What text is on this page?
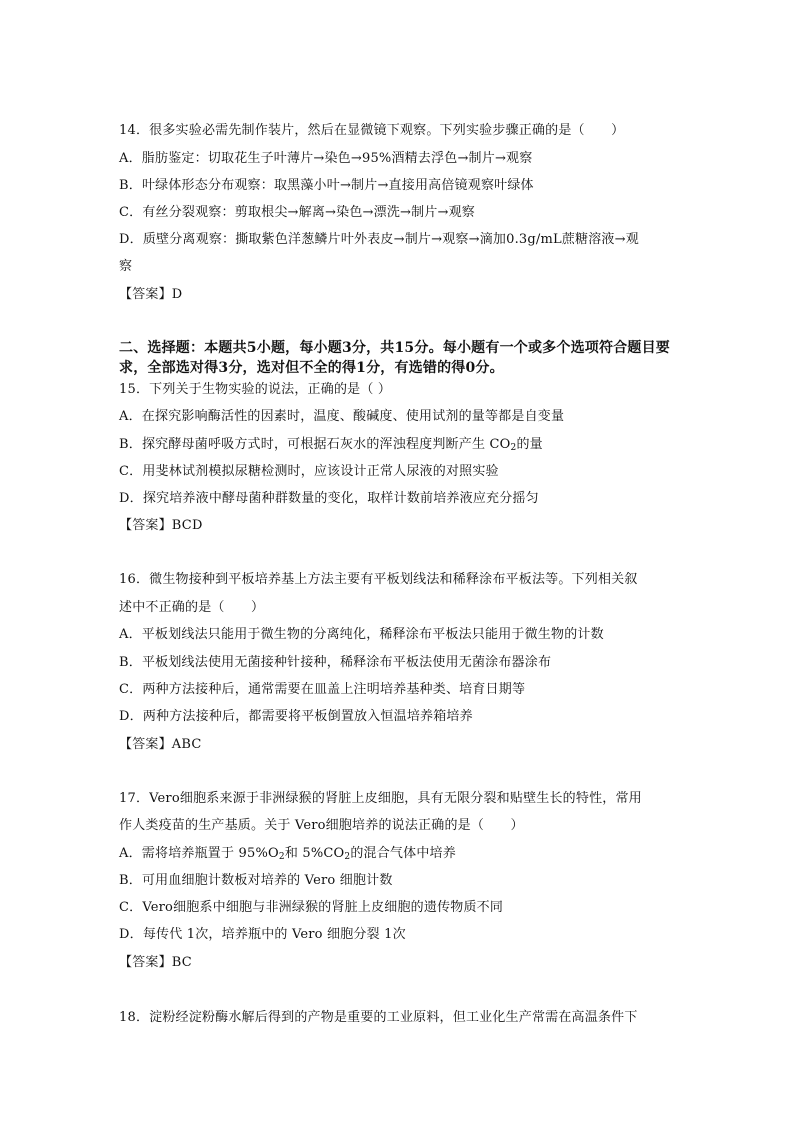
14．很多实验必需先制作装片，然后在显微镜下观察。下列实验步骤正确的是（　　）
A．脂肪鉴定：切取花生子叶薄片→染色→95%酒精去浮色→制片→观察
B．叶绿体形态分布观察：取黑藻小叶→制片→直接用高倍镜观察叶绿体
C．有丝分裂观察：剪取根尖→解离→染色→漂洗→制片→观察
D．质壁分离观察：撕取紫色洋葱鳞片叶外表皮→制片→观察→滴加0.3g/mL蔗糖溶液→观
察
【答案】D
二、选择题：本题共5小题，每小题3分，共15分。每小题有一个或多个选项符合题目要
求，全部选对得3分，选对但不全的得1分，有选错的得0分。
15．下列关于生物实验的说法，正确的是（ ）
A．在探究影响酶活性的因素时，温度、酸碱度、使用试剂的量等都是自变量
B．探究酵母菌呼吸方式时，可根据石灰水的浑浊程度判断产生 $CO_2$的量
C．用斐林试剂模拟尿糖检测时，应该设计正常人尿液的对照实验
D．探究培养液中酵母菌种群数量的变化，取样计数前培养液应充分摇匀
【答案】BCD
16．微生物接种到平板培养基上方法主要有平板划线法和稀释涂布平板法等。下列相关叙
述中不正确的是（　　）
A．平板划线法只能用于微生物的分离纯化，稀释涂布平板法只能用于微生物的计数
B．平板划线法使用无菌接种针接种，稀释涂布平板法使用无菌涂布器涂布
C．两种方法接种后，通常需要在皿盖上注明培养基种类、培育日期等
D．两种方法接种后，都需要将平板倒置放入恒温培养箱培养
【答案】ABC
17．Vero细胞系来源于非洲绿猴的肾脏上皮细胞，具有无限分裂和贴壁生长的特性，常用
作人类疫苗的生产基质。关于 Vero细胞培养的说法正确的是（　　）
A．需将培养瓶置于 $95\%O_2$和 $5\%CO_2$的混合气体中培养
B．可用血细胞计数板对培养的 Vero 细胞计数
C．Vero细胞系中细胞与非洲绿猴的肾脏上皮细胞的遗传物质不同
D．每传代 1次，培养瓶中的 Vero 细胞分裂 1次
【答案】BC
18．淀粉经淀粉酶水解后得到的产物是重要的工业原料，但工业化生产常需在高温条件下
